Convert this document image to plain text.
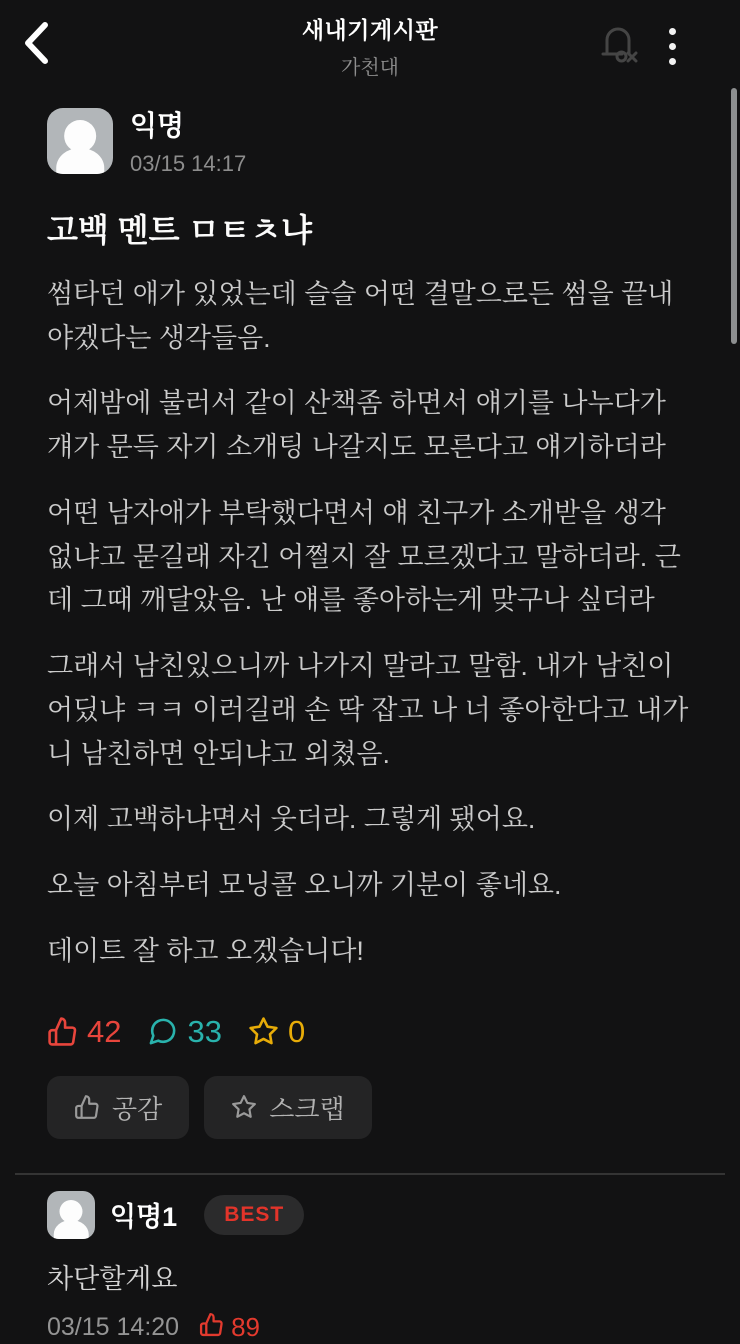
새내기게시판
가천대
익명
03/15 14:17
고백 멘트 ㅁㅌㅊ냐

썸타던 애가 있었는데 슬슬 어떤 결말으로든 썸을 끝내야겠다는 생각들음.

어제밤에 불러서 같이 산책좀 하면서 얘기를 나누다가 걔가 문득 자기 소개팅 나갈지도 모른다고 얘기하더라

어떤 남자애가 부탁했다면서 얘 친구가 소개받을 생각 없냐고 묻길래 자긴 어쩔지 잘 모르겠다고 말하더라. 근데 그때 깨달았음. 난 얘를 좋아하는게 맞구나 싶더라

그래서 남친있으니까 나가지 말라고 말함. 내가 남친이 어딨냐 ㅋㅋ 이러길래 손 딱 잡고 나 너 좋아한다고 내가 니 남친하면 안되냐고 외쳤음.

이제 고백하냐면서 웃더라. 그렇게 됐어요.

오늘 아침부터 모닝콜 오니까 기분이 좋네요.

데이트 잘 하고 오겠습니다!

42 33 0
공감	스크랩
익명1	BEST
차단할게요
03/15 14:20 89
